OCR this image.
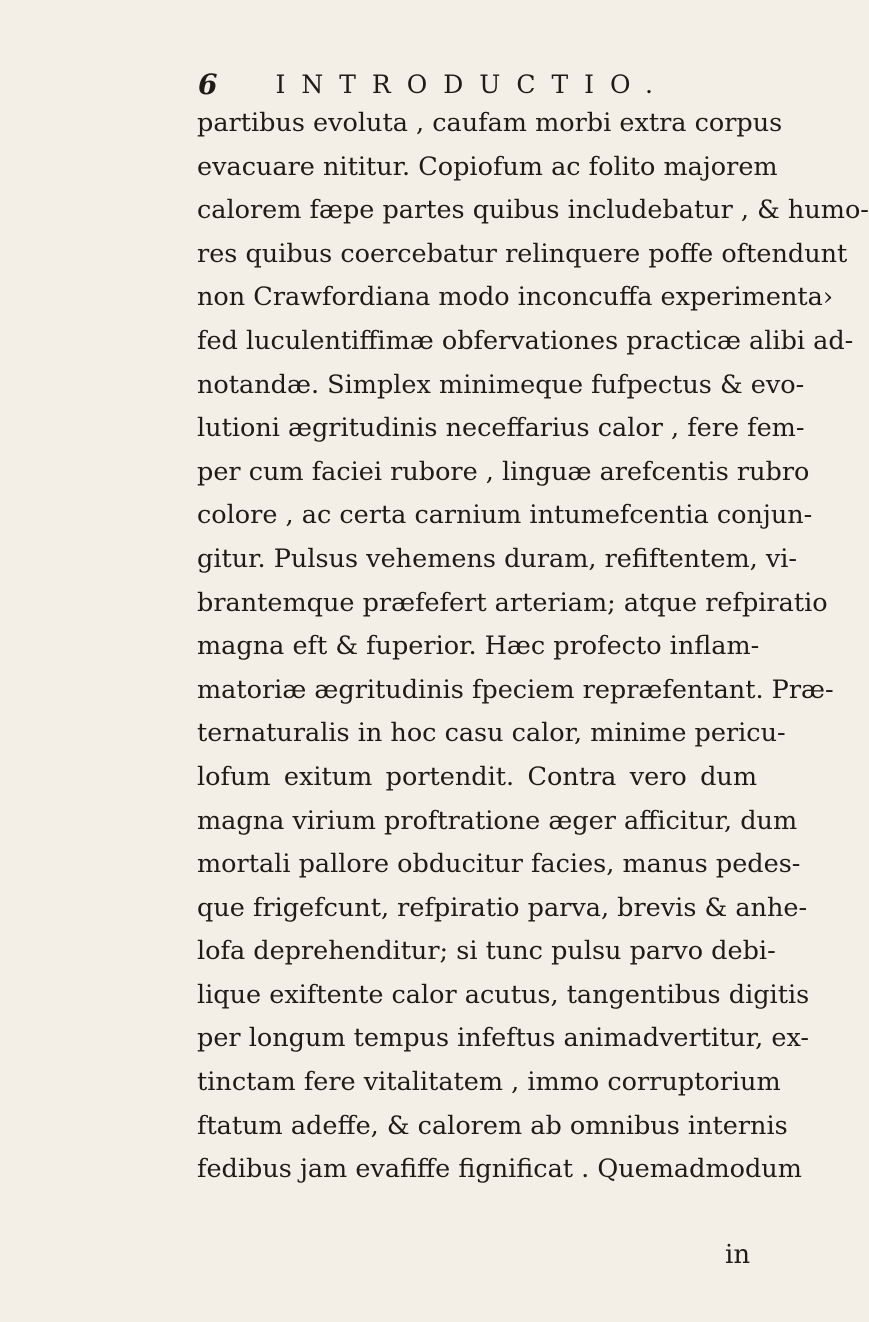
6 INTRODUCTIO.
partibus evoluta , caufam morbi extra corpus
evacuare nititur. Copiofum ac folito majorem
calorem fæpe partes quibus includebatur , & humo-
res quibus coercebatur relinquere poffe oftendunt
non Crawfordiana modo inconcuffa experimenta›
fed luculentiffimæ obfervationes practicæ alibi ad-
notandæ. Simplex minimeque fufpectus & evo-
lutioni ægritudinis neceffarius calor , fere fem-
per cum faciei rubore , linguæ arefcentis rubro
colore , ac certa carnium intumefcentia conjun-
gitur. Pulsus vehemens duram, refiftentem, vi-
brantemque præfefert arteriam; atque refpiratio
magna eft & fuperior. Hæc profecto inflam-
matoriæ ægritudinis fpeciem repræfentant. Præ-
ternaturalis in hoc casu calor, minime pericu-
lofum exitum portendit. Contra vero dum
magna virium proftratione æger afficitur, dum
mortali pallore obducitur facies, manus pedes-
que frigefcunt, refpiratio parva, brevis & anhe-
lofa deprehenditur; si tunc pulsu parvo debi-
lique exiftente calor acutus, tangentibus digitis
per longum tempus infeftus animadvertitur, ex-
tinctam fere vitalitatem , immo corruptorium
ftatum adeffe, & calorem ab omnibus internis
fedibus jam evafiffe fignificat . Quemadmodum
in
